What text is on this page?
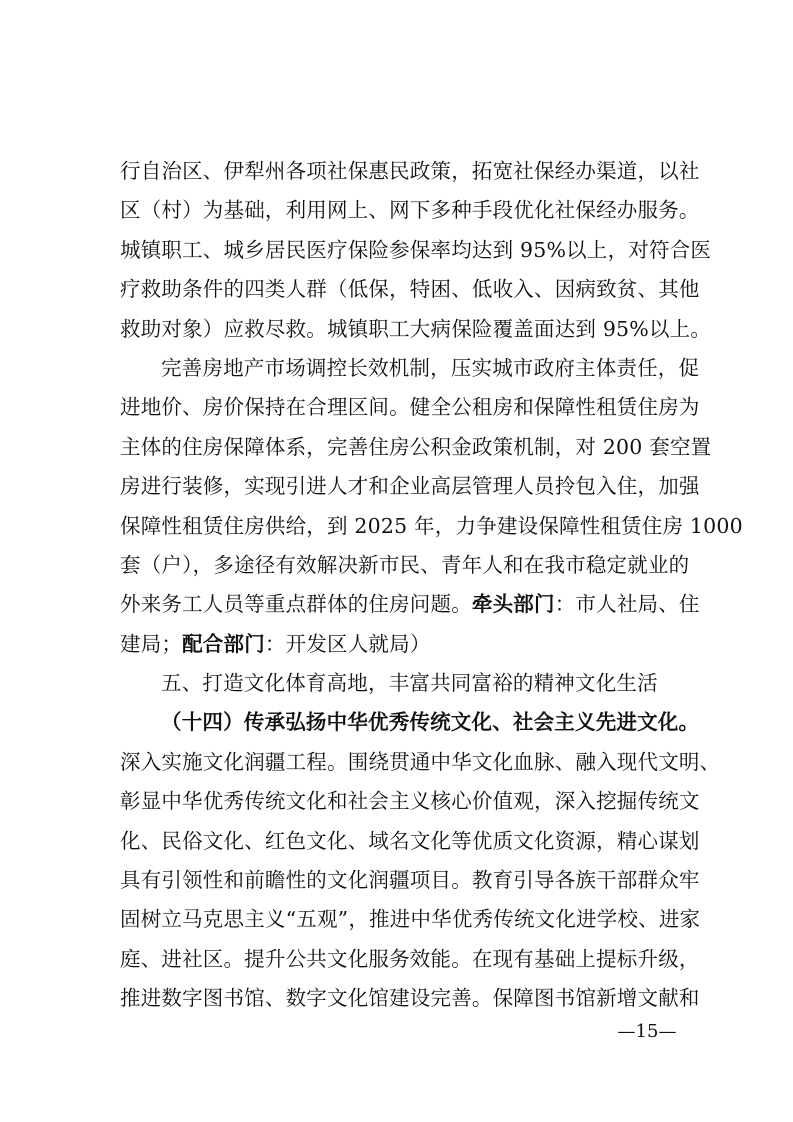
行自治区、伊犁州各项社保惠民政策，拓宽社保经办渠道，以社
区（村）为基础，利用网上、网下多种手段优化社保经办服务。
城镇职工、城乡居民医疗保险参保率均达到 95%以上，对符合医
疗救助条件的四类人群（低保，特困、低收入、因病致贫、其他
救助对象）应救尽救。城镇职工大病保险覆盖面达到 95%以上。
完善房地产市场调控长效机制，压实城市政府主体责任，促
进地价、房价保持在合理区间。健全公租房和保障性租赁住房为
主体的住房保障体系，完善住房公积金政策机制，对 200 套空置
房进行装修，实现引进人才和企业高层管理人员拎包入住，加强
保障性租赁住房供给，到 2025 年，力争建设保障性租赁住房 1000
套（户），多途径有效解决新市民、青年人和在我市稳定就业的
外来务工人员等重点群体的住房问题。牵头部门：市人社局、住
建局；配合部门：开发区人就局）
五、打造文化体育高地，丰富共同富裕的精神文化生活
（十四）传承弘扬中华优秀传统文化、社会主义先进文化。
深入实施文化润疆工程。围绕贯通中华文化血脉、融入现代文明、
彰显中华优秀传统文化和社会主义核心价值观，深入挖掘传统文
化、民俗文化、红色文化、域名文化等优质文化资源，精心谋划
具有引领性和前瞻性的文化润疆项目。教育引导各族干部群众牢
固树立马克思主义“五观”，推进中华优秀传统文化进学校、进家
庭、进社区。提升公共文化服务效能。在现有基础上提标升级，
推进数字图书馆、数字文化馆建设完善。保障图书馆新增文献和
—15—
